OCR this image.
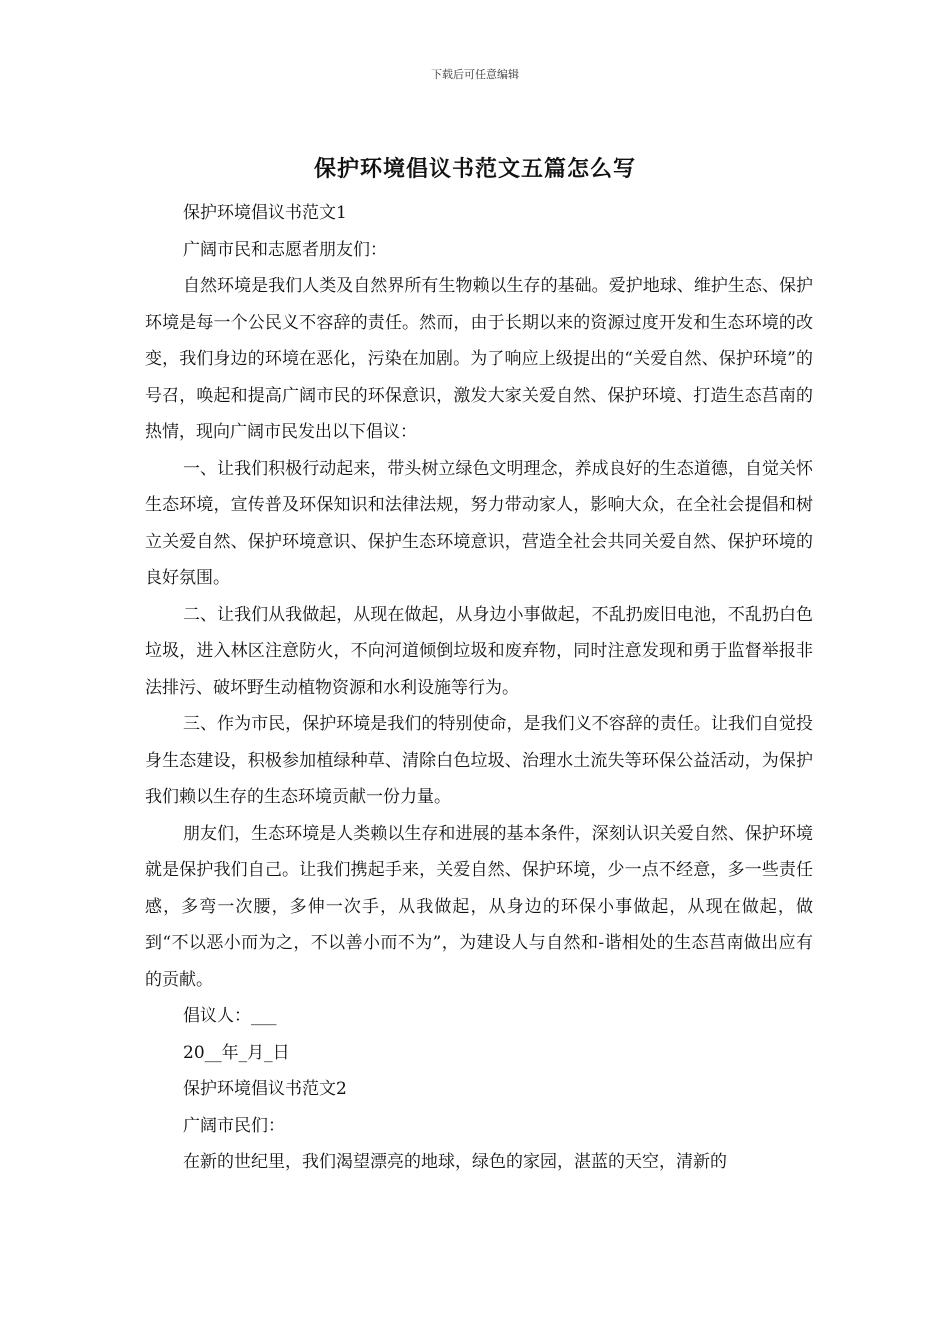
下载后可任意编辑
保护环境倡议书范文五篇怎么写

保护环境倡议书范文1

广阔市民和志愿者朋友们：

自然环境是我们人类及自然界所有生物赖以生存的基础。爱护地球、维护生态、保护环境是每一个公民义不容辞的责任。然而，由于长期以来的资源过度开发和生态环境的改变，我们身边的环境在恶化，污染在加剧。为了响应上级提出的“关爱自然、保护环境”的号召，唤起和提高广阔市民的环保意识，激发大家关爱自然、保护环境、打造生态莒南的热情，现向广阔市民发出以下倡议：

一、让我们积极行动起来，带头树立绿色文明理念，养成良好的生态道德，自觉关怀生态环境，宣传普及环保知识和法律法规，努力带动家人，影响大众，在全社会提倡和树立关爱自然、保护环境意识、保护生态环境意识，营造全社会共同关爱自然、保护环境的良好氛围。

二、让我们从我做起，从现在做起，从身边小事做起，不乱扔废旧电池，不乱扔白色垃圾，进入林区注意防火，不向河道倾倒垃圾和废弃物，同时注意发现和勇于监督举报非法排污、破坏野生动植物资源和水利设施等行为。

三、作为市民，保护环境是我们的特别使命，是我们义不容辞的责任。让我们自觉投身生态建设，积极参加植绿种草、清除白色垃圾、治理水土流失等环保公益活动，为保护我们赖以生存的生态环境贡献一份力量。

朋友们，生态环境是人类赖以生存和进展的基本条件，深刻认识关爱自然、保护环境就是保护我们自己。让我们携起手来，关爱自然、保护环境，少一点不经意，多一些责任感，多弯一次腰，多伸一次手，从我做起，从身边的环保小事做起，从现在做起，做到“不以恶小而为之，不以善小而不为”，为建设人与自然和-谐相处的生态莒南做出应有的贡献。

倡议人：___

20__年_月_日

保护环境倡议书范文2

广阔市民们：

在新的世纪里，我们渴望漂亮的地球，绿色的家园，湛蓝的天空，清新的
